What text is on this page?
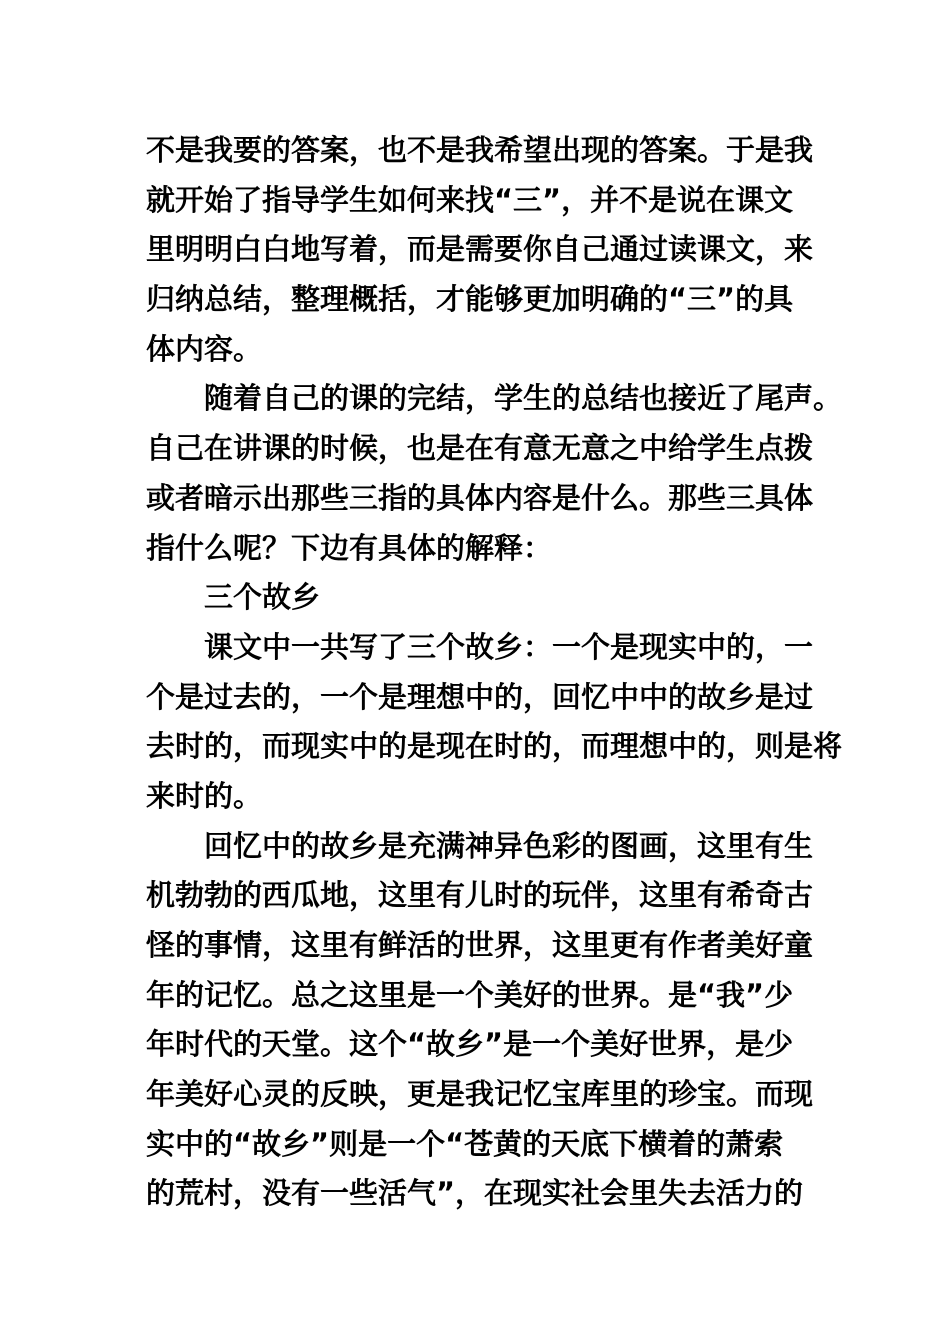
不是我要的答案，也不是我希望出现的答案。于是我
就开始了指导学生如何来找“三”，并不是说在课文
里明明白白地写着，而是需要你自己通过读课文，来
归纳总结，整理概括，才能够更加明确的“三”的具
体内容。
随着自己的课的完结，学生的总结也接近了尾声。
自己在讲课的时候，也是在有意无意之中给学生点拨
或者暗示出那些三指的具体内容是什么。那些三具体
指什么呢？下边有具体的解释：
三个故乡
课文中一共写了三个故乡：一个是现实中的，一
个是过去的，一个是理想中的，回忆中中的故乡是过
去时的，而现实中的是现在时的，而理想中的，则是将
来时的。
回忆中的故乡是充满神异色彩的图画，这里有生
机勃勃的西瓜地，这里有儿时的玩伴，这里有希奇古
怪的事情，这里有鲜活的世界，这里更有作者美好童
年的记忆。总之这里是一个美好的世界。是“我”少
年时代的天堂。这个“故乡”是一个美好世界，是少
年美好心灵的反映，更是我记忆宝库里的珍宝。而现
实中的“故乡”则是一个“苍黄的天底下横着的萧索
的荒村，没有一些活气”，在现实社会里失去活力的
